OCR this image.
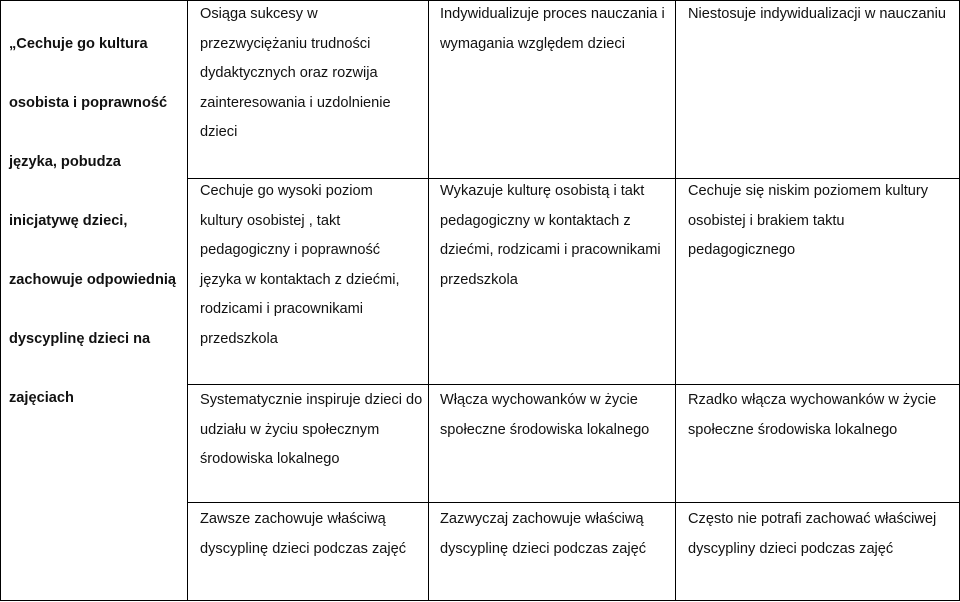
„Cechuje go kultura

osobista i poprawność

języka, pobudza

inicjatywę dzieci,

zachowuje odpowiednią

dyscyplinę dzieci na

zajęciach

Osiąga sukcesy w
przezwyciężaniu trudności
dydaktycznych oraz rozwija
zainteresowania i uzdolnienie
dzieci
Indywidualizuje proces nauczania i
wymagania względem dzieci
Niestosuje indywidualizacji w nauczaniu
Cechuje go wysoki poziom
kultury osobistej , takt
pedagogiczny i poprawność
języka w kontaktach z dziećmi,
rodzicami i pracownikami
przedszkola
Wykazuje kulturę osobistą i takt
pedagogiczny w kontaktach z
dziećmi, rodzicami i pracownikami
przedszkola
Cechuje się niskim poziomem kultury
osobistej i brakiem taktu
pedagogicznego
Systematycznie inspiruje dzieci do
udziału w życiu społecznym
środowiska lokalnego
Włącza wychowanków w życie
społeczne środowiska lokalnego
Rzadko włącza wychowanków w życie
społeczne środowiska lokalnego
Zawsze zachowuje właściwą
dyscyplinę dzieci podczas zajęć
Zazwyczaj zachowuje właściwą
dyscyplinę dzieci podczas zajęć
Często nie potrafi zachować właściwej
dyscypliny dzieci podczas zajęć
